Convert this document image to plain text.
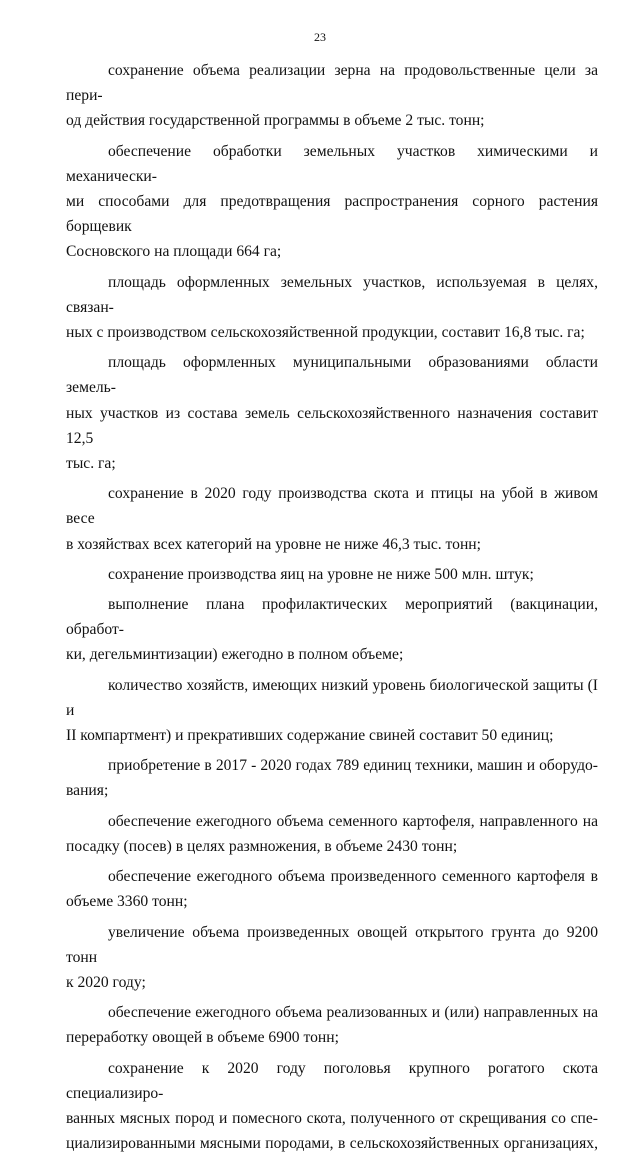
23
сохранение объема реализации зерна на продовольственные цели за пери-
од действия государственной программы в объеме 2 тыс. тонн;
обеспечение обработки земельных участков химическими и механически-
ми способами для предотвращения распространения сорного растения борщевик
Сосновского на площади 664 га;
площадь оформленных земельных участков, используемая в целях, связан-
ных с производством сельскохозяйственной продукции, составит 16,8 тыс. га;
площадь оформленных муниципальными образованиями области земель-
ных участков из состава земель сельскохозяйственного назначения составит 12,5
тыс. га;
сохранение в 2020 году производства скота и птицы на убой в живом весе
в хозяйствах всех категорий на уровне не ниже 46,3 тыс. тонн;
сохранение производства яиц на уровне не ниже 500 млн. штук;
выполнение плана профилактических мероприятий (вакцинации, обработ-
ки, дегельминтизации) ежегодно в полном объеме;
количество хозяйств, имеющих низкий уровень биологической защиты (I и
II компартмент) и прекративших содержание свиней составит 50 единиц;
приобретение в 2017 - 2020 годах 789 единиц техники, машин и оборудо-
вания;
обеспечение ежегодного объема семенного картофеля, направленного на
посадку (посев) в целях размножения, в объеме 2430 тонн;
обеспечение ежегодного объема произведенного семенного картофеля в
объеме 3360 тонн;
увеличение объема произведенных овощей открытого грунта до 9200 тонн
к 2020 году;
обеспечение ежегодного объема реализованных и (или) направленных на
переработку овощей в объеме 6900 тонн;
сохранение к 2020 году поголовья крупного рогатого скота специализиро-
ванных мясных пород и помесного скота, полученного от скрещивания со спе-
циализированными мясными породами, в сельскохозяйственных организациях,
